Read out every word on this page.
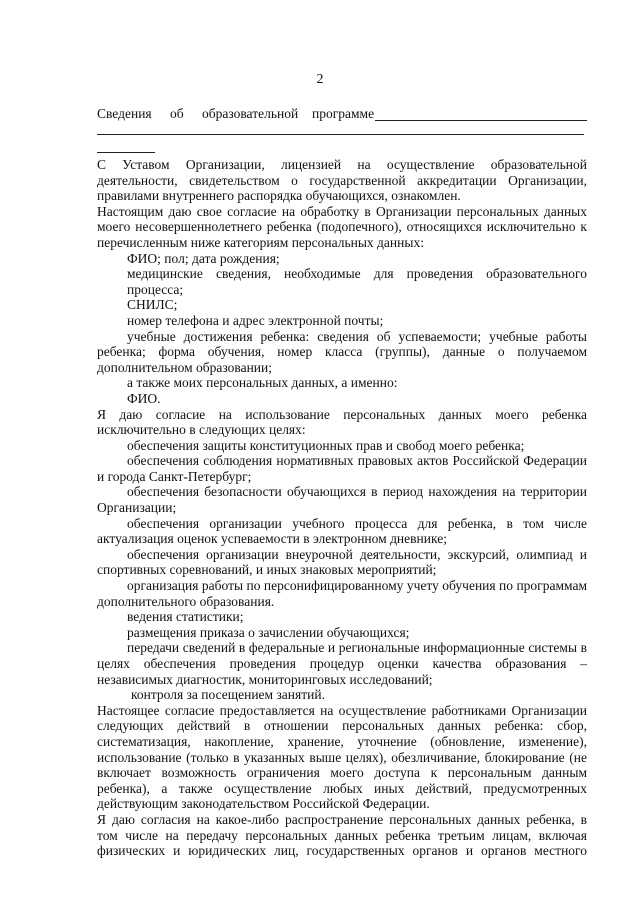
2
Сведения об образовательной программе

С Уставом Организации, лицензией на осуществление образовательной деятельности, свидетельством о государственной аккредитации Организации, правилами внутреннего распорядка обучающихся, ознакомлен.

Настоящим даю свое согласие на обработку в Организации персональных данных моего несовершеннолетнего ребенка (подопечного), относящихся исключительно к перечисленным ниже категориям персональных данных:

ФИО; пол; дата рождения;

медицинские сведения, необходимые для проведения образовательного процесса;

СНИЛС;

номер телефона и адрес электронной почты;

учебные достижения ребенка: сведения об успеваемости; учебные работы ребенка; форма обучения, номер класса (группы), данные о получаемом дополнительном образовании;

а также моих персональных данных, а именно:

ФИО.

Я даю согласие на использование персональных данных моего ребенка исключительно в следующих целях:

обеспечения защиты конституционных прав и свобод моего ребенка;

обеспечения соблюдения нормативных правовых актов Российской Федерации и города Санкт-Петербург;

обеспечения безопасности обучающихся в период нахождения на территории Организации;

обеспечения организации учебного процесса для ребенка, в том числе актуализация оценок успеваемости в электронном дневнике;

обеспечения организации внеурочной деятельности, экскурсий, олимпиад и спортивных соревнований, и иных знаковых мероприятий;

организация работы по персонифицированному учету обучения по программам дополнительного образования.

ведения статистики;

размещения приказа о зачислении обучающихся;

передачи сведений в федеральные и региональные информационные системы в целях обеспечения проведения процедур оценки качества образования – независимых диагностик, мониторинговых исследований;

контроля за посещением занятий.

Настоящее согласие предоставляется на осуществление работниками Организации следующих действий в отношении персональных данных ребенка: сбор, систематизация, накопление, хранение, уточнение (обновление, изменение), использование (только в указанных выше целях), обезличивание, блокирование (не включает возможность ограничения моего доступа к персональным данным ребенка), а также осуществление любых иных действий, предусмотренных действующим законодательством Российской Федерации.

Я даю согласия на какое-либо распространение персональных данных ребенка, в том числе на передачу персональных данных ребенка третьим лицам, включая физических и юридических лиц, государственных органов и органов местного
